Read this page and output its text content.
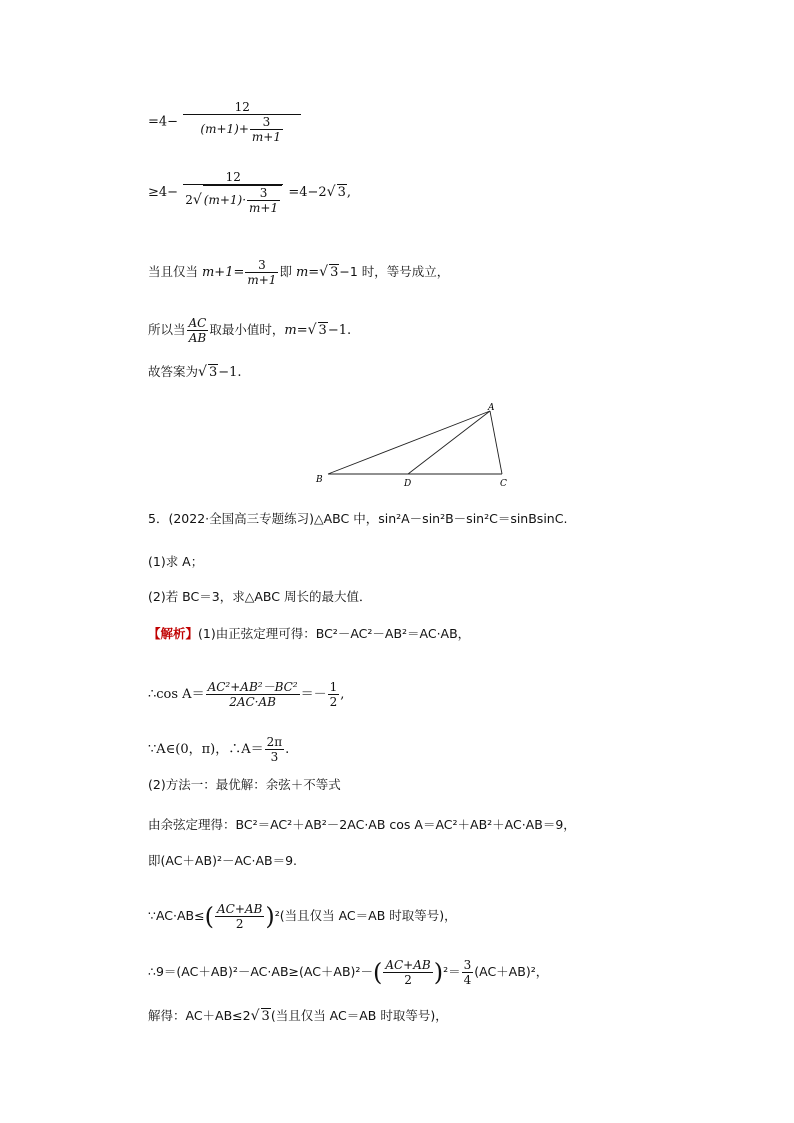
$=4- \frac{12}{(m+1)+ \frac{3}{m+1}}$
$\ge 4- \frac{12}{2√ (m+1)\cdot \frac{3}{m+1}} =4-2√$ 3,
当且仅当 $m+1= \frac{3}{m+1}$ 即 m=√ 3−1 时，等号成立，
所以当 $\frac{AC}{AB}$ 取最小值时，m=√ 3−1.
故答案为√ 3−1.
A
B	C
D
5．(2022·全国高三专题练习)△ABC 中，sin²A－sin²B－sin²C＝sinBsinC.
(1)求 A；
(2)若 BC＝3，求△ABC 周长的最大值．
【解析】(1)由正弦定理可得：BC²－AC²－AB²＝AC·AB，
∴cos $A= \frac{\text{AC²+AB²－BC²}}{2AC\cdot AB} =- \frac{1}{2}$ ,
∵A∈(0，π)，∴A＝ $\frac{2\pi}{3}$ .
(2)方法一：最优解：余弦＋不等式
由余弦定理得：BC²＝AC²＋AB²－2AC·AB cos A＝AC²＋AB²＋AC·AB＝9，
即(AC＋AB)²－AC·AB＝9.
∵AC·AB≤( $\frac{AC+AB}{2} )^2$(当且仅当 AC＝AB 时取等号)，
∴9＝(AC＋AB)²－AC·AB≥(AC＋AB)²－( $\frac{AC+AB}{2} )^2= \frac{3}{4} (AC+AB)^2$，
解得：AC＋AB≤2√ 3(当且仅当 AC＝AB 时取等号)，
